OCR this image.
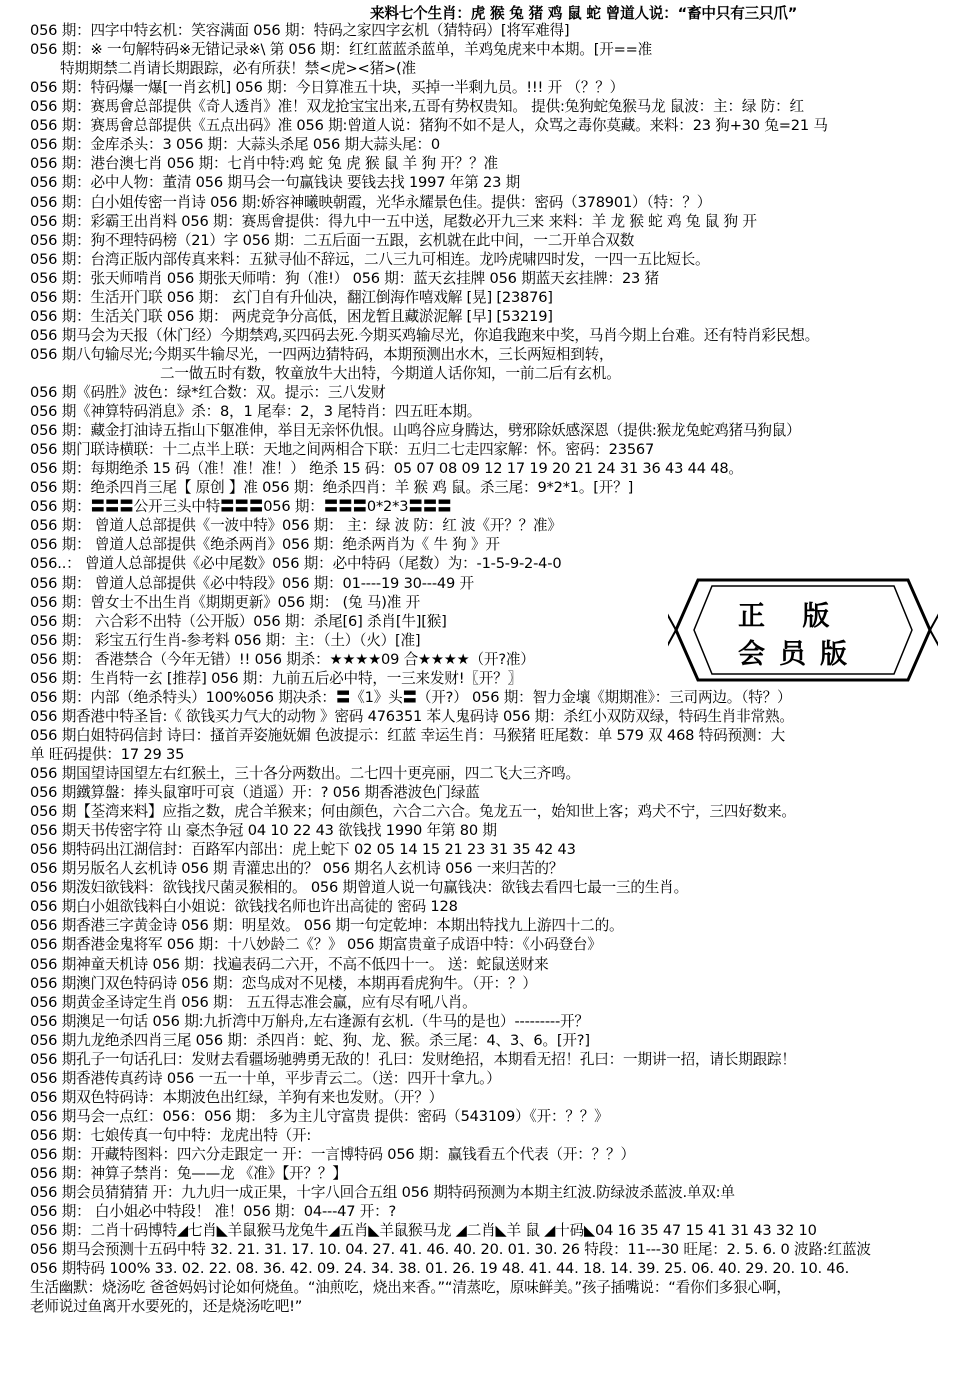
来料七个生肖：虎 猴 兔 猪 鸡 鼠 蛇 曾道人说：“畜中只有三只爪”
056 期：四字中特玄机：笑容满面 056 期：特码之家四字玄机（猜特码）[将军难得]
056 期：※ 一句解特码※无错记录※\ 第 056 期：红红蓝蓝杀蓝单，羊鸡兔虎来中本期。[开==准
特期期禁二肖请长期跟踪，必有所获！禁<虎><猪>(准
056 期：特码爆一爆[一肖玄机] 056 期：今日算准五十块，买掉一半剩九员。!!! 开 （？？）
056 期：赛馬會总部提供《奇人透肖》准！双龙抢宝宝出来,五哥有势权贵知。 提供:兔狗蛇兔猴马龙 鼠波：主：绿 防：红
056 期：赛馬會总部提供《五点出码》准 056 期:曾道人说：猪狗不如不是人，众骂之毒你莫藏。来料：23 狗+30 兔=21 马
056 期：金库杀头：3 056 期：大蒜头杀尾 056 期大蒜头尾：0
056 期：港台澳七肖 056 期：七肖中特:鸡 蛇 兔 虎 猴 鼠 羊 狗 开？？准
056 期：必中人物：董清 056 期马会一句赢钱诀 要钱去找 1997 年第 23 期
056 期：白小姐传密一肖诗 056 期:娇容神曦映朝霞，光华永耀景色佳。提供：密码（378901）（特：？）
056 期：彩霸王出肖料 056 期：赛馬會提供：得九中一五中送，尾数必开九三来 来料：羊 龙 猴 蛇 鸡 兔 鼠 狗 开
056 期：狗不理特码榜（21）字 056 期：二五后面一五跟，玄机就在此中间，一二开单合双数
056 期：台湾正版内部传真来料：五狱寻仙不辞远，二八三九可相连。龙吟虎啸四时发，一四一五比短长。
056 期：张天师啃肖 056 期张天师啃：狗（准!） 056 期：蓝天玄挂牌 056 期蓝天玄挂牌：23 猪
056 期：生活开门联 056 期： 玄门自有升仙决，翻江倒海作嘻戏解 [晃] [23876]
056 期：生活关门联 056 期： 两虎竞争分高低，困龙暂且藏淤泥解 [早] [53219]
056 期马会为天报（休门经）今期禁鸡,买四码去死.今期买鸡输尽光，你追我跑来中奖，马肖今期上台难。还有特肖彩民想。
056 期八句输尽光;今期买牛输尽光，一四两边猜特码，本期预测出水木，三长两短相到转，
二一做五时有数，牧童放牛大出特，今期道人话你知，一前二后有玄机。
056 期《码胜》波色：绿*红合数：双。提示：三八发财
056 期《神算特码消息》杀：8，1 尾奉：2，3 尾特肖：四五旺本期。
056 期：藏金打油诗五指山下躯准伸，举目无亲怀仇恨。山鸣谷应身腾达，劈邪除妖感深恩（提供:猴龙兔蛇鸡猪马狗鼠）
056 期门联诗横联：十二点半上联：天地之间两相合下联：五归二七走四家解：怀。密码：23567
056 期：每期绝杀 15 码（准！准！准！） 绝杀 15 码：05 07 08 09 12 17 19 20 21 24 31 36 43 44 48。
056 期：绝杀四肖三尾【 原创 】准 056 期：绝杀四肖：羊 猴 鸡 鼠。杀三尾：9*2*1。[开？]
056 期：〓〓〓公开三头中特〓〓〓056 期：〓〓〓0*2*3〓〓〓
056 期： 曾道人总部提供《一波中特》056 期： 主：绿 波 防：红 波《开？？准》
056 期： 曾道人总部提供《绝杀两肖》056 期：绝杀两肖为《 牛 狗 》开
056..： 曾道人总部提供《必中尾数》056 期：必中特码（尾数）为：-1-5-9-2-4-0
056 期： 曾道人总部提供《必中特段》056 期：01----19 30---49 开
056 期：曾女士不出生肖《期期更新》056 期： (兔 马)准 开
056 期： 六合彩不出特（公开版）056 期：杀尾[6] 杀肖[牛][猴]
056 期： 彩宝五行生肖-参考料 056 期：主：（土）（火）[准]
056 期： 香港禁合（今年无错）!! 056 期杀：★★★★09 合★★★★（开?准）
056 期：生肖特一玄 [推荐] 056 期：九前五后必中特，一三来发财!〖开？〗
056 期：内部（绝杀特头）100%056 期决杀：〓《1》头〓（开?） 056 期：智力金壤《期期准》：三司两边。（特？）
056 期香港中特圣旨:《 欲钱买力气大的动物 》密码 476351 苯人鬼码诗 056 期：杀红小双防双绿，特码生肖非常熟。
056 期白姐特码信封 诗曰：搔首弄姿施妩媚 色波提示：红蓝 幸运生肖：马猴猪 旺尾数：单 579 双 468 特码预测：大
单 旺码提供：17 29 35
056 期国望诗国望左右红猴土，三十各分两数出。二七四十更亮丽，四二飞大三齐鸣。
056 期鐵算盤：捧头鼠窜吁可哀（逍遥）开：? 056 期香港波色门绿蓝
056 期【荃湾来料】应指之数，虎合羊猴来；何由颜色，六合二六合。兔龙五一，始知世上客；鸡犬不宁，三四好数来。
056 期天书传密字符 山 豪杰争冠 04 10 22 43 欲钱找 1990 年第 80 期
056 期特码出江湖信封：百路军内部出：虎上蛇下 02 05 14 15 21 23 31 35 42 43
056 期另版名人玄机诗 056 期 青灌忠出的？ 056 期名人玄机诗 056 一来归苦的？
056 期泼妇欲钱料：欲钱找尺菌灵猴相的。 056 期曾道人说一句赢钱决：欲钱去看四七最一三的生肖。
056 期白小姐欲钱料白小姐说：欲钱找名师也许出高徒的 密码 128
056 期香港三字黄金诗 056 期：明星效。 056 期一句定乾坤：本期出特找九上游四十二的。
056 期香港金鬼将军 056 期：十八妙龄二《？》 056 期富贵童子成语中特：《小码登台》
056 期神童天机诗 056 期：找遍表码二六开，不高不低四十一。 送：蛇鼠送财来
056 期澳门双色特码诗 056 期：恋鸟成对不见楼，本期再看虎狗牛。（开：？）
056 期黄金圣诗定生肖 056 期： 五五得志准会赢，应有尽有吼八肖。
056 期澳足一句话 056 期:九折湾中万斛舟,左右逢源有玄机.（牛马的是也）---------开？
056 期九龙绝杀四肖三尾 056 期：杀四肖：蛇、狗、龙、猴。杀三尾：4、3、6。[开?]
056 期孔子一句话孔曰：发财去看疆场驰骋勇无敌的！孔曰：发财绝招，本期看无招！孔曰：一期讲一招，请长期跟踪！
056 期香港传真药诗 056 一五一十单，平步青云二。（送：四开十拿九。）
056 期双色特码诗：本期波色出红绿，羊狗有来也发财。（开？）
056 期马会一点红：056：056 期： 多为主儿守富贵 提供：密码（543109）《开：？？》
056 期：七娘传真一句中特：龙虎出特（开:
056 期：开藏特图料：四六分走跟定一 开：一言博特码 056 期：赢钱看五个代表（开：？？）
056 期：神算子禁肖：兔——龙 《准》【开？？】
056 期会员猜猜猜 开：九九归一成正果，十字八回合五组 056 期特码预测为本期主红波.防绿波杀蓝波.单双:单
056 期： 白小姐必中特段！ 准！056 期：04---47 开：?
056 期：二肖十码博特◢七肖◣羊鼠猴马龙兔牛◢五肖◣羊鼠猴马龙 ◢二肖◣羊 鼠 ◢十码◣04 16 35 47 15 41 31 43 32 10
056 期马会预测十五码中特 32. 21. 31. 17. 10. 04. 27. 41. 46. 40. 20. 01. 30. 26 特段：11---30 旺尾：2. 5. 6. 0 波路:红蓝波
056 期特码 100% 33. 02. 22. 08. 36. 42. 09. 24. 34. 38. 01. 26. 19 48. 41. 44. 18. 14. 39. 25. 06. 40. 29. 20. 10. 46.
生活幽默：烧汤吃 爸爸妈妈讨论如何烧鱼。“油煎吃，烧出来香。”“清蒸吃，原味鲜美。”孩子插嘴说：“看你们多狠心啊，
老师说过鱼离开水要死的，还是烧汤吃吧!”
正 版
会员版
